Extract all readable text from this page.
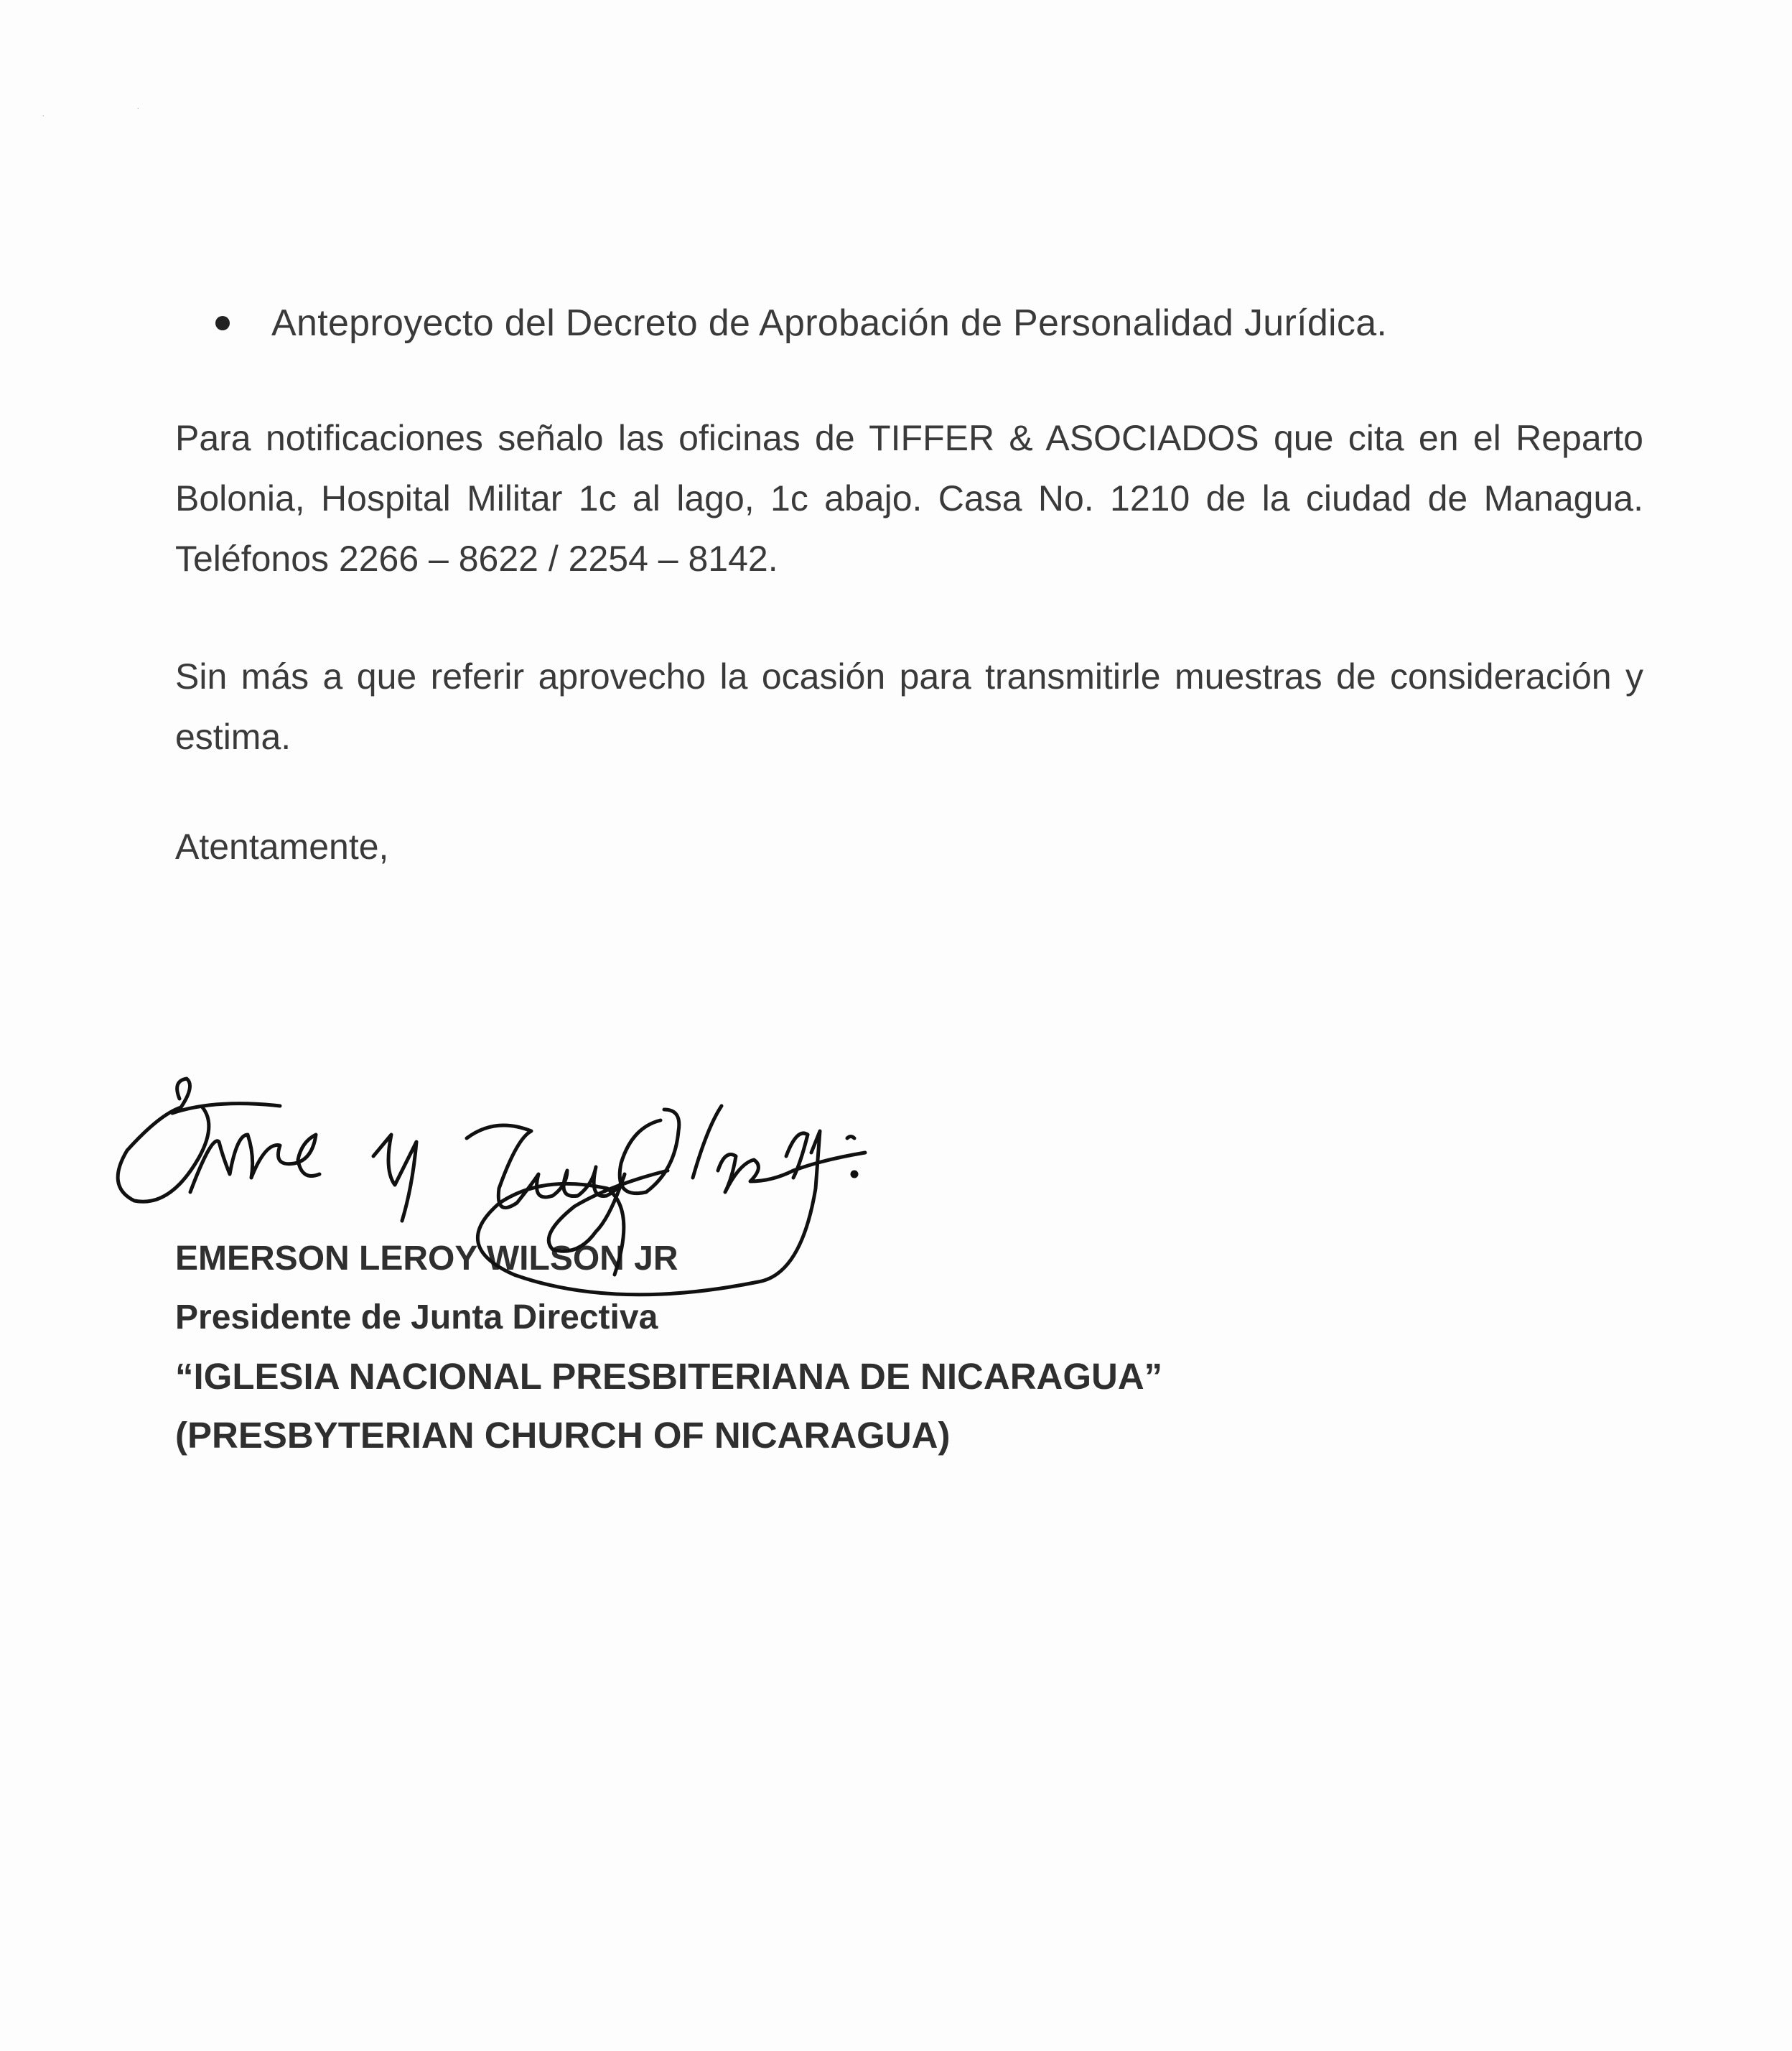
·
·
Anteproyecto del Decreto de Aprobación de Personalidad Jurídica.

Para notificaciones señalo las oficinas de TIFFER & ASOCIADOS que cita en el Reparto Bolonia, Hospital Militar 1c al lago, 1c abajo. Casa No. 1210 de la ciudad de Managua. Teléfonos 2266 – 8622 / 2254 – 8142.

Sin más a que referir aprovecho la ocasión para transmitirle muestras de consideración y estima.

Atentamente,

EMERSON LEROY WILSON JR
Presidente de Junta Directiva
“IGLESIA NACIONAL PRESBITERIANA DE NICARAGUA”
(PRESBYTERIAN CHURCH OF NICARAGUA)
